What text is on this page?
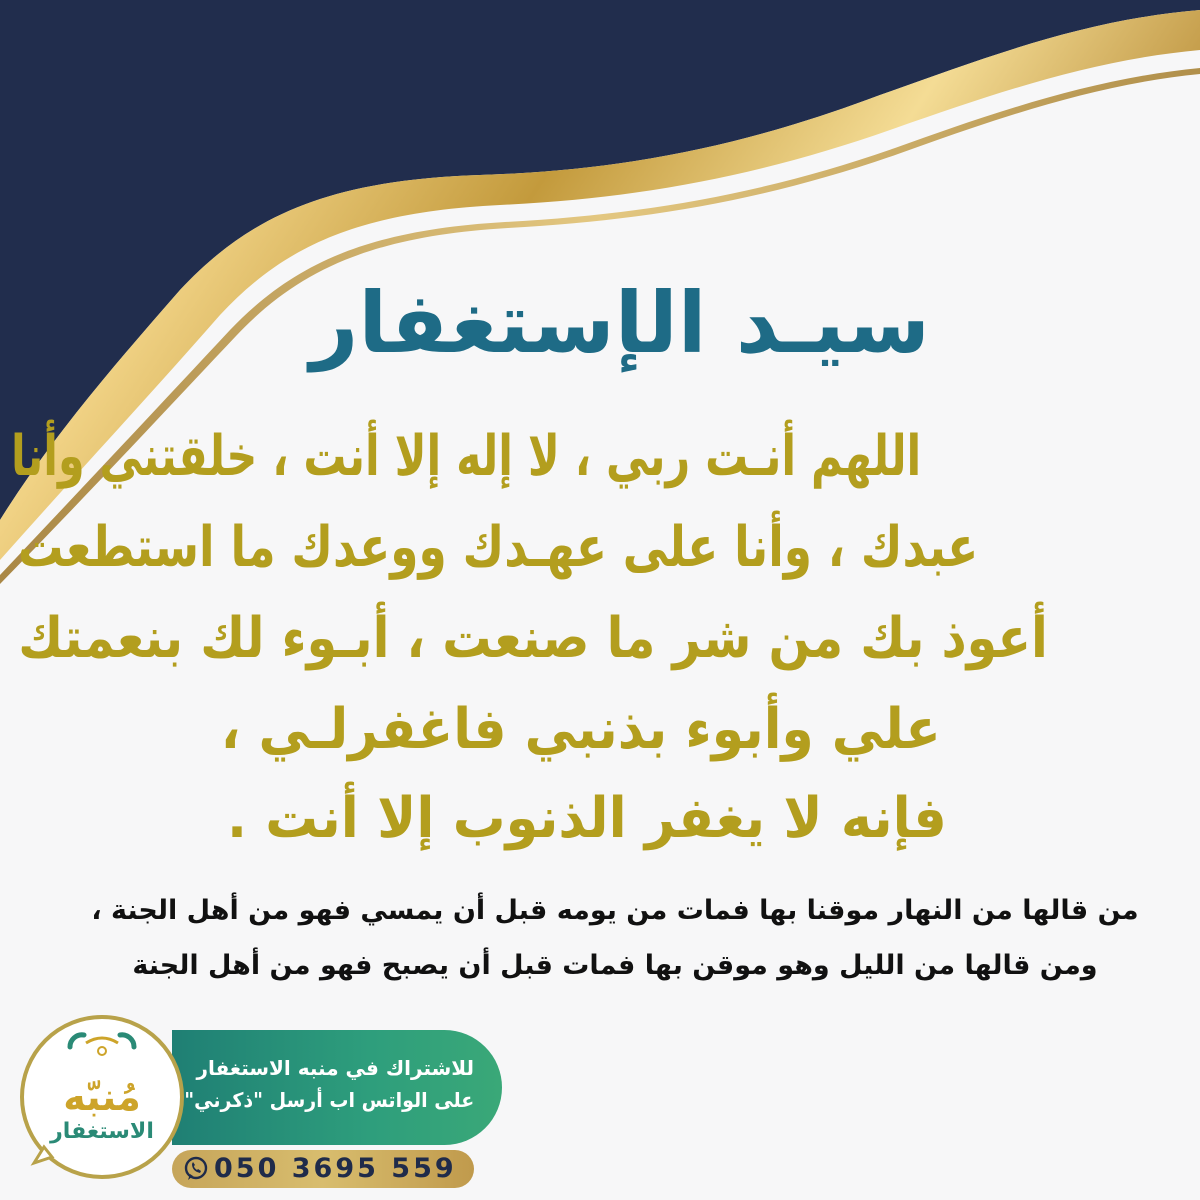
سيـد الإستغفار
اللهم أنـت ربي ، لا إله إلا أنت ، خلقتني وأنا
عبدك ، وأنا على عهـدك ووعدك ما استطعت
أعوذ بك من شر ما صنعت ، أبـوء لك بنعمتك
علي وأبوء بذنبي فاغفرلـي ،
فإنه لا يغفر الذنوب إلا أنت .
من قالها من النهار موقنا بها فمات من يومه قبل أن يمسي فهو من أهل الجنة ،
ومن قالها من الليل وهو موقن بها فمات قبل أن يصبح فهو من أهل الجنة
للاشتراك في منبه الاستغفار
على الواتس اب أرسل "ذكرني"
مُنبّه
الاستغفار
050 3695 559
